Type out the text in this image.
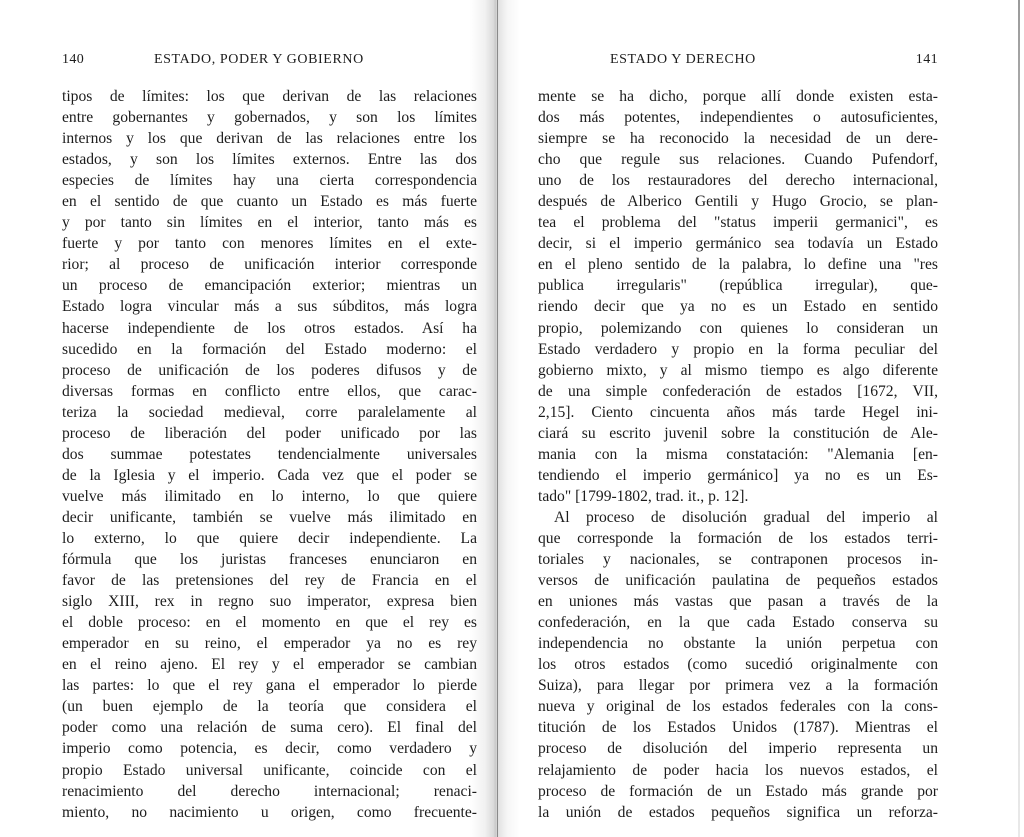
140	ESTADO, PODER Y GOBIERNO
tipos de límites: los que derivan de las relaciones
entre gobernantes y gobernados, y son los límites
internos y los que derivan de las relaciones entre los
estados, y son los límites externos. Entre las dos
especies de límites hay una cierta correspondencia
en el sentido de que cuanto un Estado es más fuerte
y por tanto sin límites en el interior, tanto más es
fuerte y por tanto con menores límites en el exte-
rior; al proceso de unificación interior corresponde
un proceso de emancipación exterior; mientras un
Estado logra vincular más a sus súbditos, más logra
hacerse independiente de los otros estados. Así ha
sucedido en la formación del Estado moderno: el
proceso de unificación de los poderes difusos y de
diversas formas en conflicto entre ellos, que carac-
teriza la sociedad medieval, corre paralelamente al
proceso de liberación del poder unificado por las
dos summae potestates tendencialmente universales
de la Iglesia y el imperio. Cada vez que el poder se
vuelve más ilimitado en lo interno, lo que quiere
decir unificante, también se vuelve más ilimitado en
lo externo, lo que quiere decir independiente. La
fórmula que los juristas franceses enunciaron en
favor de las pretensiones del rey de Francia en el
siglo XIII, rex in regno suo imperator, expresa bien
el doble proceso: en el momento en que el rey es
emperador en su reino, el emperador ya no es rey
en el reino ajeno. El rey y el emperador se cambian
las partes: lo que el rey gana el emperador lo pierde
(un buen ejemplo de la teoría que considera el
poder como una relación de suma cero). El final del
imperio como potencia, es decir, como verdadero y
propio Estado universal unificante, coincide con el
renacimiento del derecho internacional; renaci-
miento, no nacimiento u origen, como frecuente-
ESTADO Y DERECHO	141
mente se ha dicho, porque allí donde existen esta-
dos más potentes, independientes o autosuficientes,
siempre se ha reconocido la necesidad de un dere-
cho que regule sus relaciones. Cuando Pufendorf,
uno de los restauradores del derecho internacional,
después de Alberico Gentili y Hugo Grocio, se plan-
tea el problema del "status imperii germanici", es
decir, si el imperio germánico sea todavía un Estado
en el pleno sentido de la palabra, lo define una "res
publica irregularis" (república irregular), que-
riendo decir que ya no es un Estado en sentido
propio, polemizando con quienes lo consideran un
Estado verdadero y propio en la forma peculiar del
gobierno mixto, y al mismo tiempo es algo diferente
de una simple confederación de estados [1672, VII,
2,15]. Ciento cincuenta años más tarde Hegel ini-
ciará su escrito juvenil sobre la constitución de Ale-
mania con la misma constatación: "Alemania [en-
tendiendo el imperio germánico] ya no es un Es-
tado" [1799-1802, trad. it., p. 12].
Al proceso de disolución gradual del imperio al
que corresponde la formación de los estados terri-
toriales y nacionales, se contraponen procesos in-
versos de unificación paulatina de pequeños estados
en uniones más vastas que pasan a través de la
confederación, en la que cada Estado conserva su
independencia no obstante la unión perpetua con
los otros estados (como sucedió originalmente con
Suiza), para llegar por primera vez a la formación
nueva y original de los estados federales con la cons-
titución de los Estados Unidos (1787). Mientras el
proceso de disolución del imperio representa un
relajamiento de poder hacia los nuevos estados, el
proceso de formación de un Estado más grande por
la unión de estados pequeños significa un reforza-
